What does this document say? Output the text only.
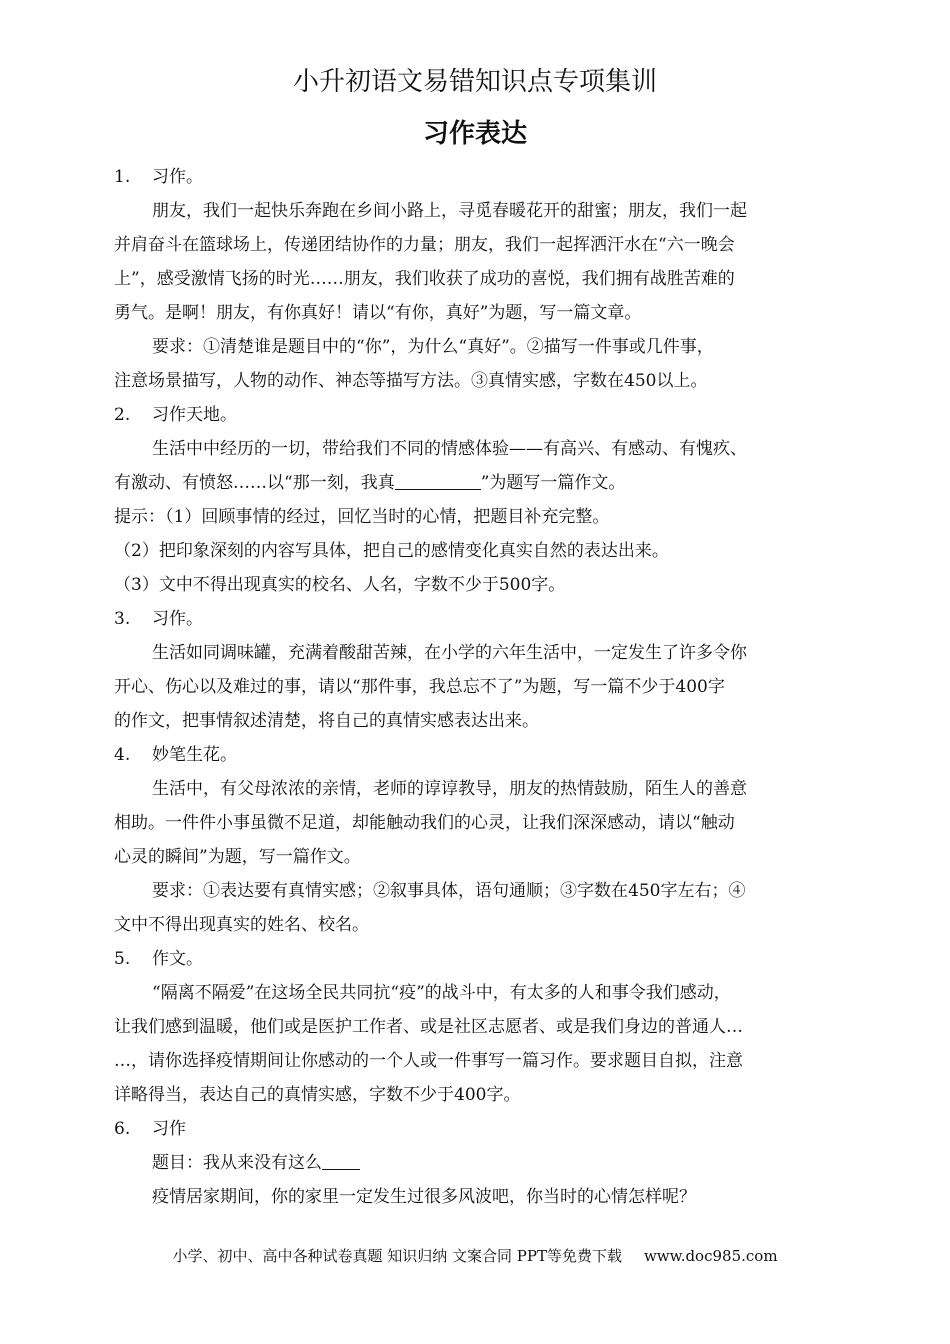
小升初语文易错知识点专项集训
习作表达
1. 习作。
朋友，我们一起快乐奔跑在乡间小路上，寻觅春暖花开的甜蜜；朋友，我们一起
并肩奋斗在篮球场上，传递团结协作的力量；朋友，我们一起挥洒汗水在“六一晚会
上”，感受激情飞扬的时光……朋友，我们收获了成功的喜悦，我们拥有战胜苦难的
勇气。是啊！朋友，有你真好！请以“有你，真好”为题，写一篇文章。
要求：①清楚谁是题目中的“你”，为什么“真好”。②描写一件事或几件事，
注意场景描写，人物的动作、神态等描写方法。③真情实感，字数在450以上。
2. 习作天地。
生活中中经历的一切，带给我们不同的情感体验——有高兴、有感动、有愧疚、
有激动、有愤怒……以“那一刻，我真	”为题写一篇作文。
提示：（1）回顾事情的经过，回忆当时的心情，把题目补充完整。
（2）把印象深刻的内容写具体，把自己的感情变化真实自然的表达出来。
（3）文中不得出现真实的校名、人名，字数不少于500字。
3. 习作。
生活如同调味罐，充满着酸甜苦辣，在小学的六年生活中，一定发生了许多令你
开心、伤心以及难过的事，请以“那件事，我总忘不了”为题，写一篇不少于400字
的作文，把事情叙述清楚，将自己的真情实感表达出来。
4. 妙笔生花。
生活中，有父母浓浓的亲情，老师的谆谆教导，朋友的热情鼓励，陌生人的善意
相助。一件件小事虽微不足道，却能触动我们的心灵，让我们深深感动，请以“触动
心灵的瞬间”为题，写一篇作文。
要求：①表达要有真情实感；②叙事具体，语句通顺；③字数在450字左右；④
文中不得出现真实的姓名、校名。
5. 作文。
“隔离不隔爱”在这场全民共同抗“疫”的战斗中，有太多的人和事令我们感动，
让我们感到温暖，他们或是医护工作者、或是社区志愿者、或是我们身边的普通人…
…，请你选择疫情期间让你感动的一个人或一件事写一篇习作。要求题目自拟，注意
详略得当，表达自己的真情实感，字数不少于400字。
6. 习作
题目：我从来没有这么
疫情居家期间，你的家里一定发生过很多风波吧，你当时的心情怎样呢？
小学、初中、高中各种试卷真题 知识归纳 文案合同 PPT等免费下载 www.doc985.com
